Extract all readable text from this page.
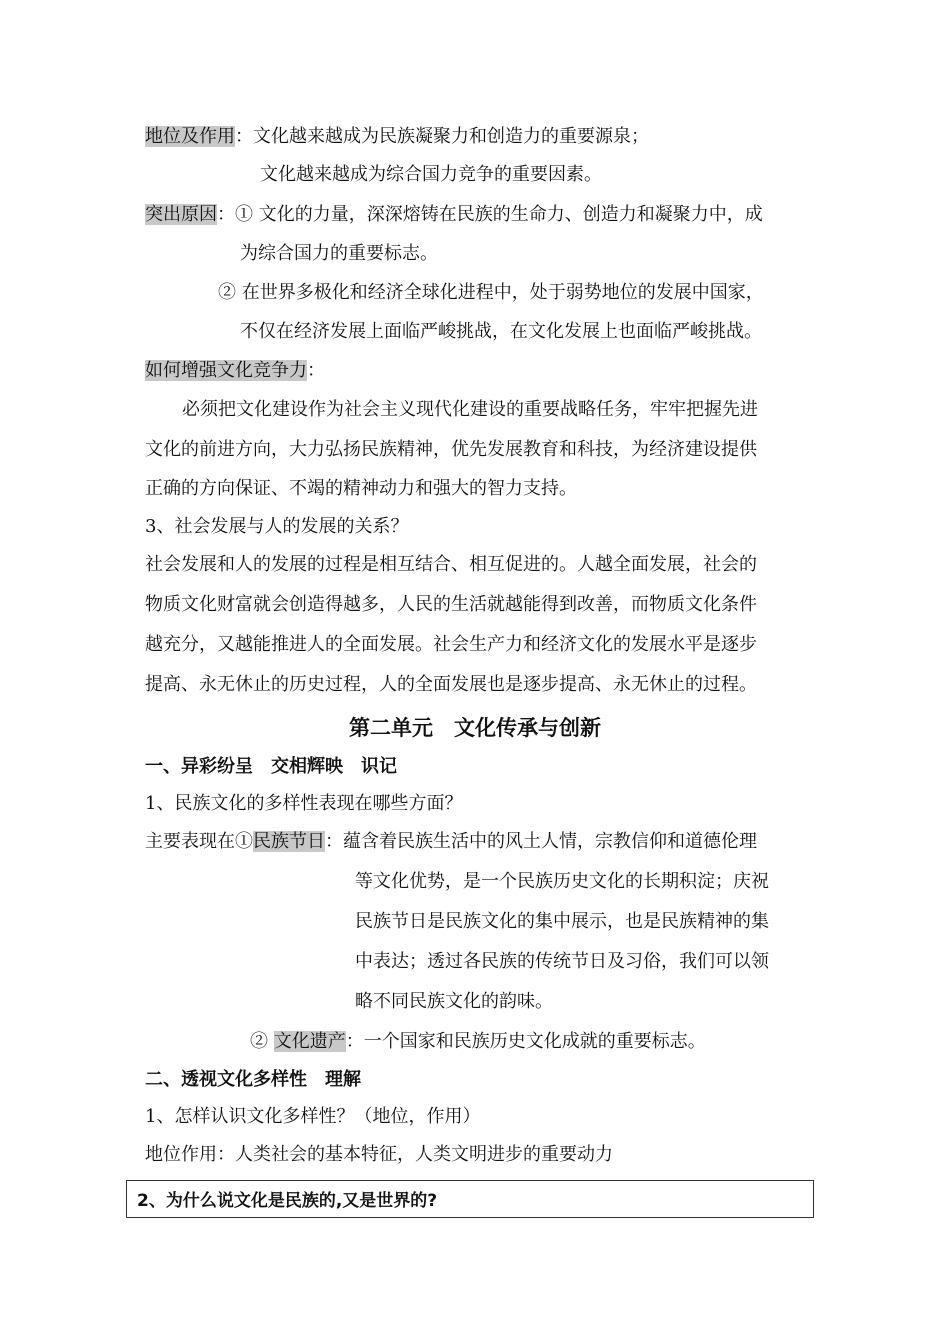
地位及作用：文化越来越成为民族凝聚力和创造力的重要源泉；
文化越来越成为综合国力竞争的重要因素。
突出原因：① 文化的力量，深深熔铸在民族的生命力、创造力和凝聚力中，成
为综合国力的重要标志。
② 在世界多极化和经济全球化进程中，处于弱势地位的发展中国家，
不仅在经济发展上面临严峻挑战，在文化发展上也面临严峻挑战。
如何增强文化竞争力：
必须把文化建设作为社会主义现代化建设的重要战略任务，牢牢把握先进
文化的前进方向，大力弘扬民族精神，优先发展教育和科技，为经济建设提供
正确的方向保证、不竭的精神动力和强大的智力支持。
3、社会发展与人的发展的关系？
社会发展和人的发展的过程是相互结合、相互促进的。人越全面发展，社会的
物质文化财富就会创造得越多，人民的生活就越能得到改善，而物质文化条件
越充分，又越能推进人的全面发展。社会生产力和经济文化的发展水平是逐步
提高、永无休止的历史过程，人的全面发展也是逐步提高、永无休止的过程。
第二单元　文化传承与创新
一、异彩纷呈　交相辉映　识记
1、民族文化的多样性表现在哪些方面？
主要表现在①民族节日：蕴含着民族生活中的风土人情，宗教信仰和道德伦理
等文化优势，是一个民族历史文化的长期积淀；庆祝
民族节日是民族文化的集中展示，也是民族精神的集
中表达；透过各民族的传统节日及习俗，我们可以领
略不同民族文化的韵味。
② 文化遗产：一个国家和民族历史文化成就的重要标志。
二、透视文化多样性　理解
1、怎样认识文化多样性？（地位，作用）
地位作用：人类社会的基本特征，人类文明进步的重要动力
2、为什么说文化是民族的,又是世界的?
